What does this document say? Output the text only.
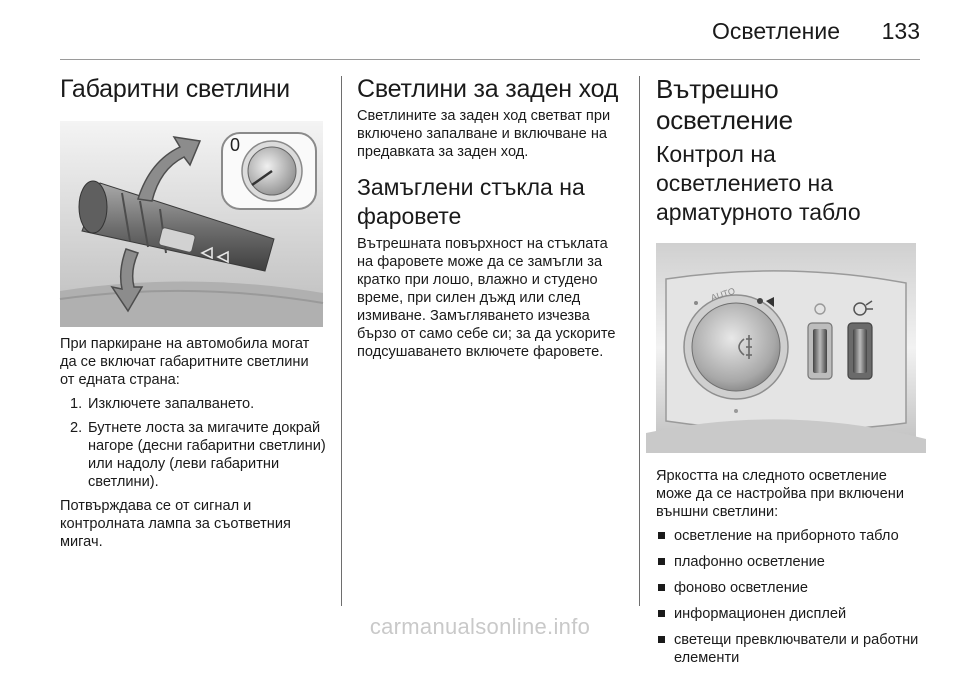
Осветление 133
Габаритни светлини
0

При паркиране на автомобила могат да се включат габаритните светлини от едната страна:

1. Изключете запалването.
2. Бутнете лоста за мигачите докрай нагоре (десни габаритни светлини) или надолу (леви габаритни светлини).

Потвърждава се от сигнал и контролната лампа за съответния мигач.

Светлини за заден ход

Светлините за заден ход светват при включено запалване и включване на предавката за заден ход.

Замъглени стъкла на фаровете

Вътрешната повърхност на стъклата на фаровете може да се замъгли за кратко при лошо, влажно и студено време, при силен дъжд или след измиване. Замъгляването изчезва бързо от само себе си; за да ускорите подсушаването включете фаровете.

Вътрешно осветление
Контрол на осветлението на арматурното табло
AUTO

Яркостта на следното осветление може да се настройва при включени външни светлини:

осветление на приборното табло
плафонно осветление
фоново осветление
информационен дисплей
светещи превключватели и работни елементи
carmanualsonline.info
